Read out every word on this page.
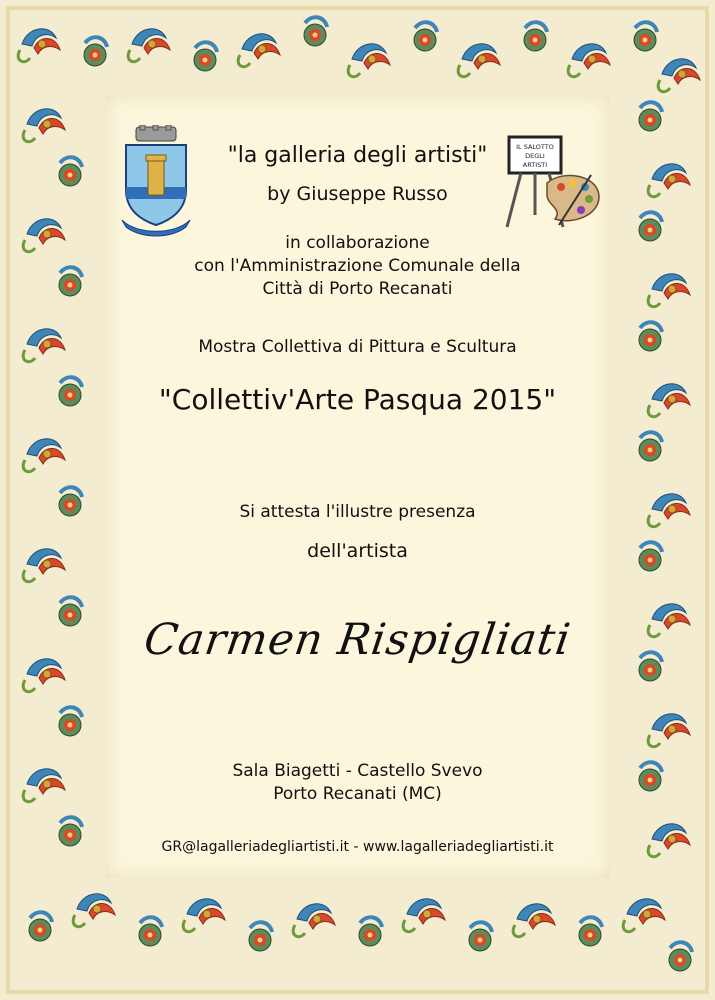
IL SALOTTO
DEGLI
ARTISTI

"la galleria degli artisti"

by Giuseppe Russo

in collaborazione
con l'Amministrazione Comunale della
Città di Porto Recanati

Mostra Collettiva di Pittura e Scultura

"Collettiv'Arte Pasqua 2015"

Si attesta l'illustre presenza

dell'artista

Carmen Rispigliati

Sala Biagetti - Castello Svevo
Porto Recanati (MC)

GR@lagalleriadegliartisti.it - www.lagalleriadegliartisti.it
